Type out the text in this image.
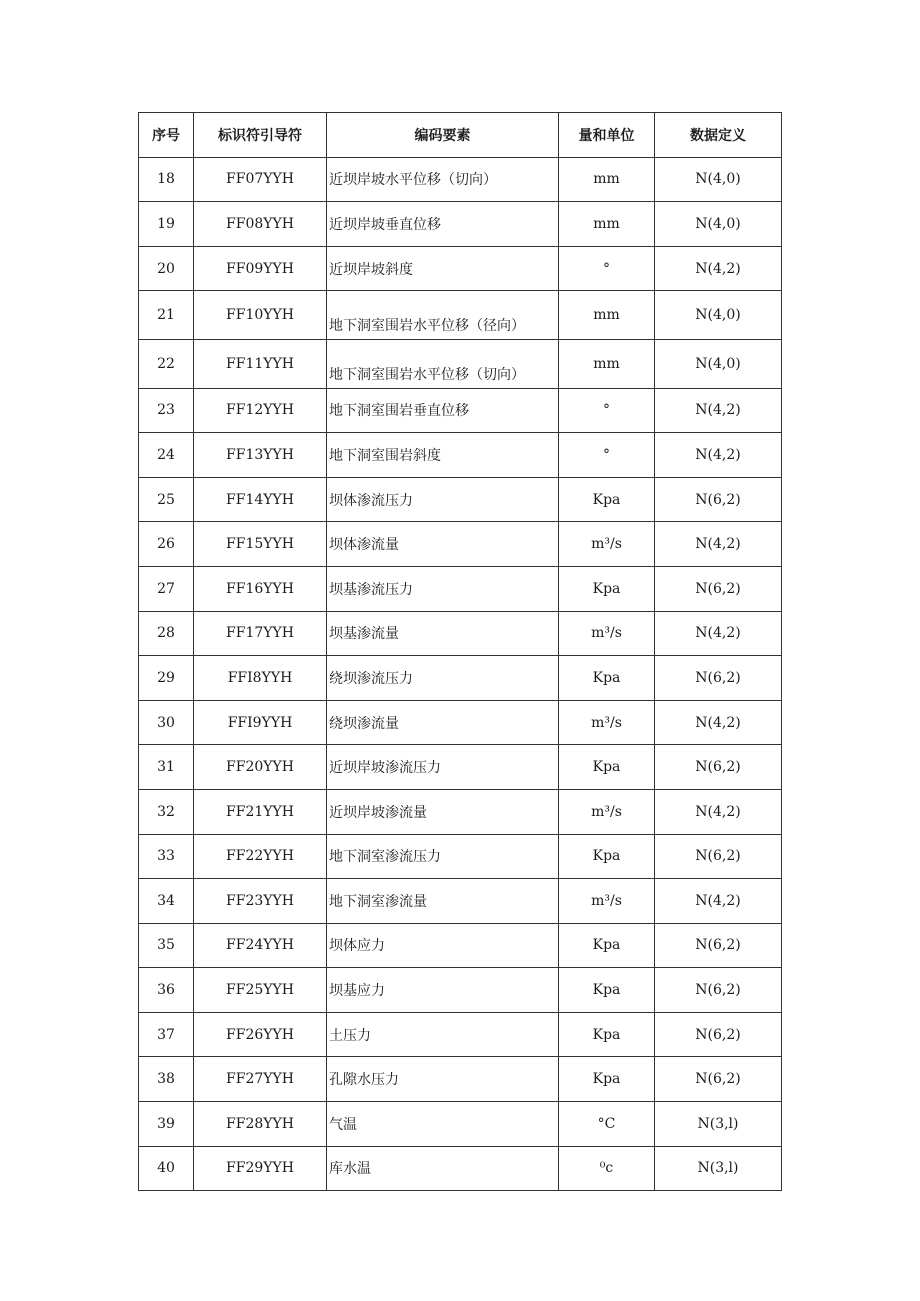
序号	标识符引导符	编码要素	量和单位	数据定义
18	FF07YYH	近坝岸坡水平位移（切向）	mm	N(4,0)
19	FF08YYH	近坝岸坡垂直位移	mm	N(4,0)
20	FF09YYH	近坝岸坡斜度	°	N(4,2)
21	FF10YYH	地下洞室围岩水平位移（径向）	mm	N(4,0)
22	FF11YYH	地下洞室围岩水平位移（切向）	mm	N(4,0)
23	FF12YYH	地下洞室围岩垂直位移	°	N(4,2)
24	FF13YYH	地下洞室围岩斜度	°	N(4,2)
25	FF14YYH	坝体渗流压力	Kpa	N(6,2)
26	FF15YYH	坝体渗流量	m³/s	N(4,2)
27	FF16YYH	坝基渗流压力	Kpa	N(6,2)
28	FF17YYH	坝基渗流量	m³/s	N(4,2)
29	FFI8YYH	绕坝渗流压力	Kpa	N(6,2)
30	FFI9YYH	绕坝渗流量	m³/s	N(4,2)
31	FF20YYH	近坝岸坡渗流压力	Kpa	N(6,2)
32	FF21YYH	近坝岸坡渗流量	m³/s	N(4,2)
33	FF22YYH	地下洞室渗流压力	Kpa	N(6,2)
34	FF23YYH	地下洞室渗流量	m³/s	N(4,2)
35	FF24YYH	坝体应力	Kpa	N(6,2)
36	FF25YYH	坝基应力	Kpa	N(6,2)
37	FF26YYH	土压力	Kpa	N(6,2)
38	FF27YYH	孔隙水压力	Kpa	N(6,2)
39	FF28YYH	气温	°C	N(3,l)
40	FF29YYH	库水温	⁰c	N(3,l)
